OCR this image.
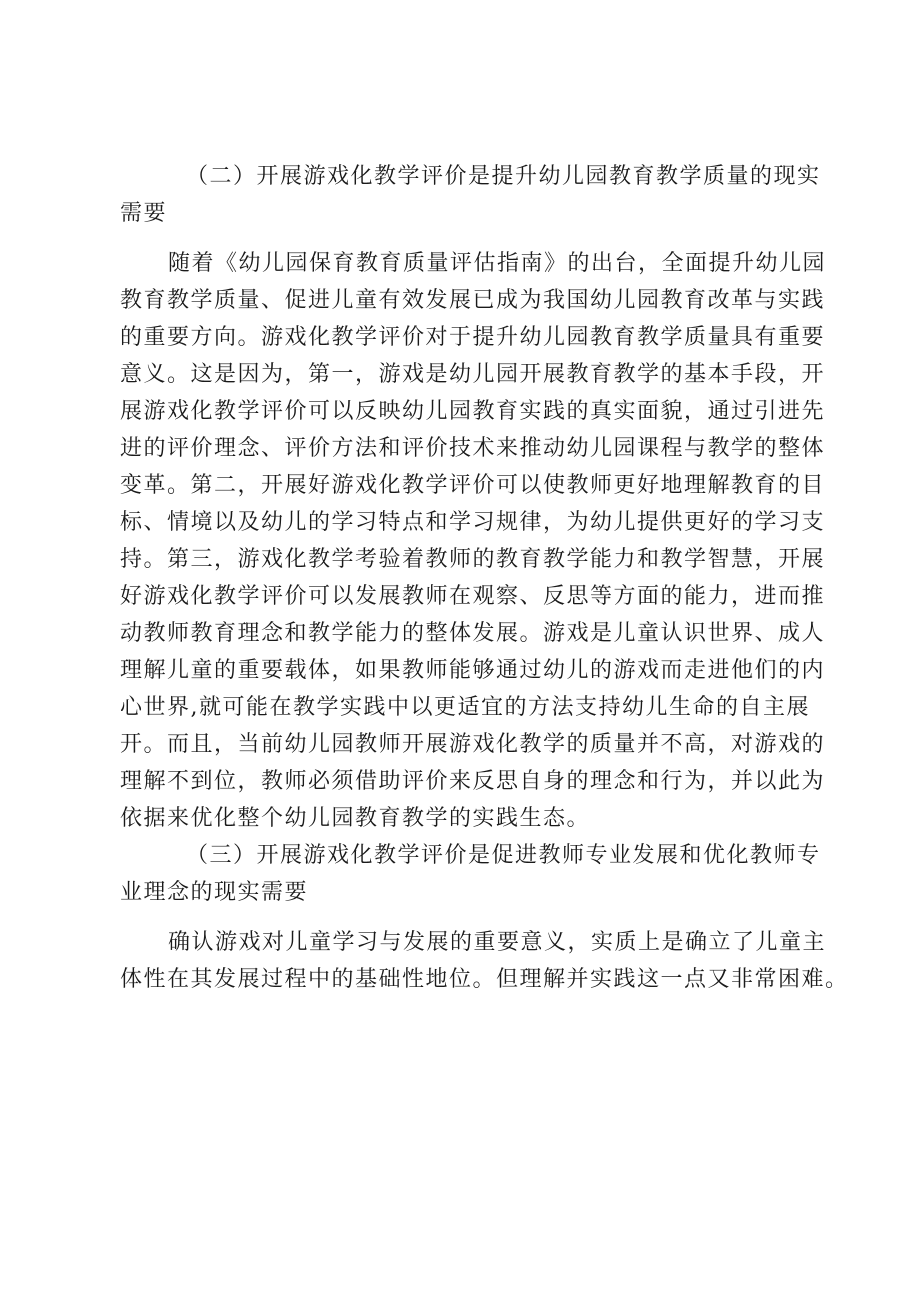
（二）开展游戏化教学评价是提升幼儿园教育教学质量的现实
需要
随着《幼儿园保育教育质量评估指南》的出台，全面提升幼儿园
教育教学质量、促进儿童有效发展已成为我国幼儿园教育改革与实践
的重要方向。游戏化教学评价对于提升幼儿园教育教学质量具有重要
意义。这是因为，第一，游戏是幼儿园开展教育教学的基本手段，开
展游戏化教学评价可以反映幼儿园教育实践的真实面貌，通过引进先
进的评价理念、评价方法和评价技术来推动幼儿园课程与教学的整体
变革。第二，开展好游戏化教学评价可以使教师更好地理解教育的目
标、情境以及幼儿的学习特点和学习规律，为幼儿提供更好的学习支
持。第三，游戏化教学考验着教师的教育教学能力和教学智慧，开展
好游戏化教学评价可以发展教师在观察、反思等方面的能力，进而推
动教师教育理念和教学能力的整体发展。游戏是儿童认识世界、成人
理解儿童的重要载体，如果教师能够通过幼儿的游戏而走进他们的内
心世界,就可能在教学实践中以更适宜的方法支持幼儿生命的自主展
开。而且，当前幼儿园教师开展游戏化教学的质量并不高，对游戏的
理解不到位，教师必须借助评价来反思自身的理念和行为，并以此为
依据来优化整个幼儿园教育教学的实践生态。
（三）开展游戏化教学评价是促进教师专业发展和优化教师专
业理念的现实需要
确认游戏对儿童学习与发展的重要意义，实质上是确立了儿童主
体性在其发展过程中的基础性地位。但理解并实践这一点又非常困难。
